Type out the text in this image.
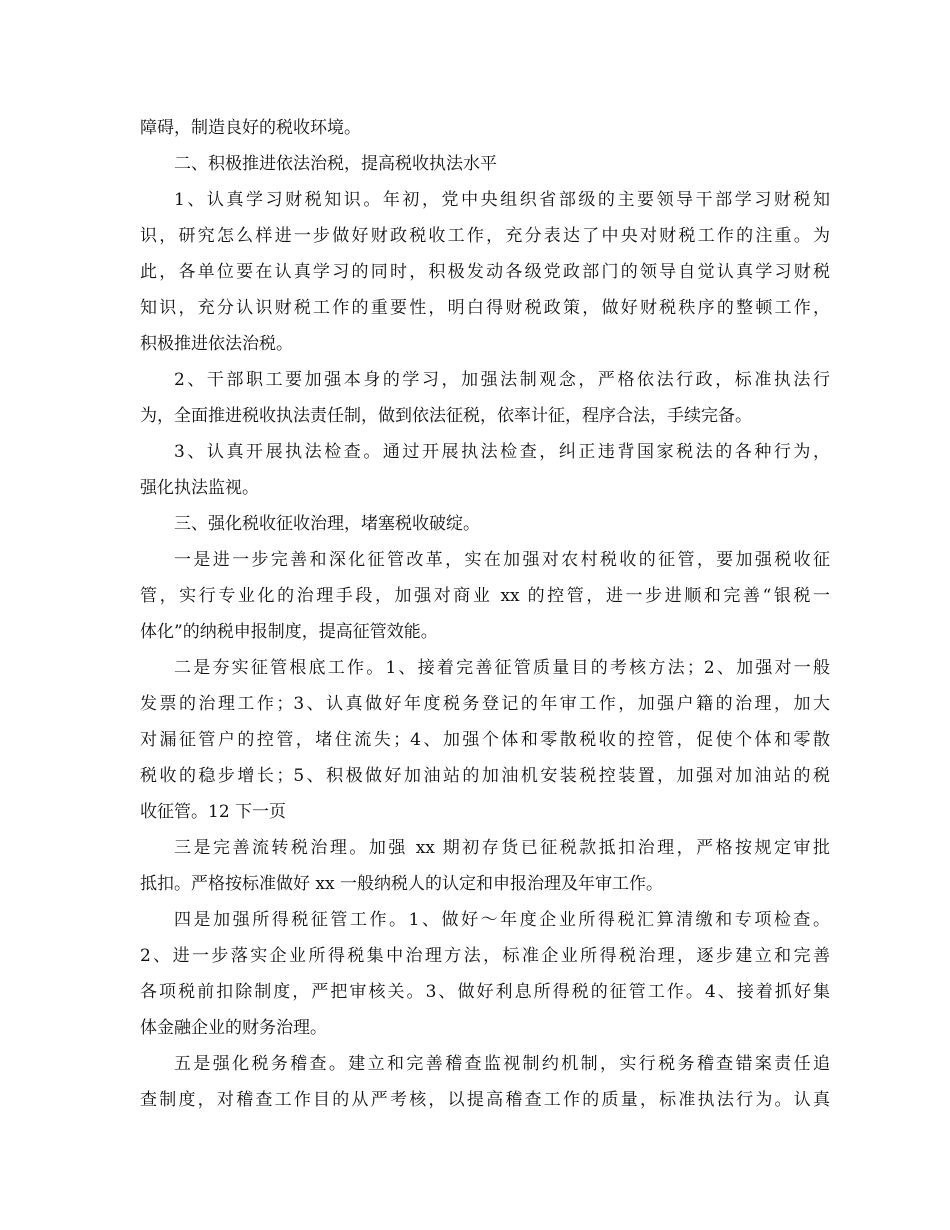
障碍，制造良好的税收环境。
二、积极推进依法治税，提高税收执法水平
1、认真学习财税知识。年初，党中央组织省部级的主要领导干部学习财税知
识，研究怎么样进一步做好财政税收工作，充分表达了中央对财税工作的注重。为
此，各单位要在认真学习的同时，积极发动各级党政部门的领导自觉认真学习财税
知识，充分认识财税工作的重要性，明白得财税政策，做好财税秩序的整顿工作，
积极推进依法治税。
2、干部职工要加强本身的学习，加强法制观念，严格依法行政，标准执法行
为，全面推进税收执法责任制，做到依法征税，依率计征，程序合法，手续完备。
3、认真开展执法检查。通过开展执法检查，纠正违背国家税法的各种行为，
强化执法监视。
三、强化税收征收治理，堵塞税收破绽。
一是进一步完善和深化征管改革，实在加强对农村税收的征管，要加强税收征
管，实行专业化的治理手段，加强对商业 xx 的控管，进一步进顺和完善“银税一
体化”的纳税申报制度，提高征管效能。
二是夯实征管根底工作。1、接着完善征管质量目的考核方法；2、加强对一般
发票的治理工作；3、认真做好年度税务登记的年审工作，加强户籍的治理，加大
对漏征管户的控管，堵住流失；4、加强个体和零散税收的控管，促使个体和零散
税收的稳步增长；5、积极做好加油站的加油机安装税控装置，加强对加油站的税
收征管。12 下一页
三是完善流转税治理。加强 xx 期初存货已征税款抵扣治理，严格按规定审批
抵扣。严格按标准做好 xx 一般纳税人的认定和申报治理及年审工作。
四是加强所得税征管工作。1、做好～年度企业所得税汇算清缴和专项检查。
2、进一步落实企业所得税集中治理方法，标准企业所得税治理，逐步建立和完善
各项税前扣除制度，严把审核关。3、做好利息所得税的征管工作。4、接着抓好集
体金融企业的财务治理。
五是强化税务稽查。建立和完善稽查监视制约机制，实行税务稽查错案责任追
查制度，对稽查工作目的从严考核，以提高稽查工作的质量，标准执法行为。认真
